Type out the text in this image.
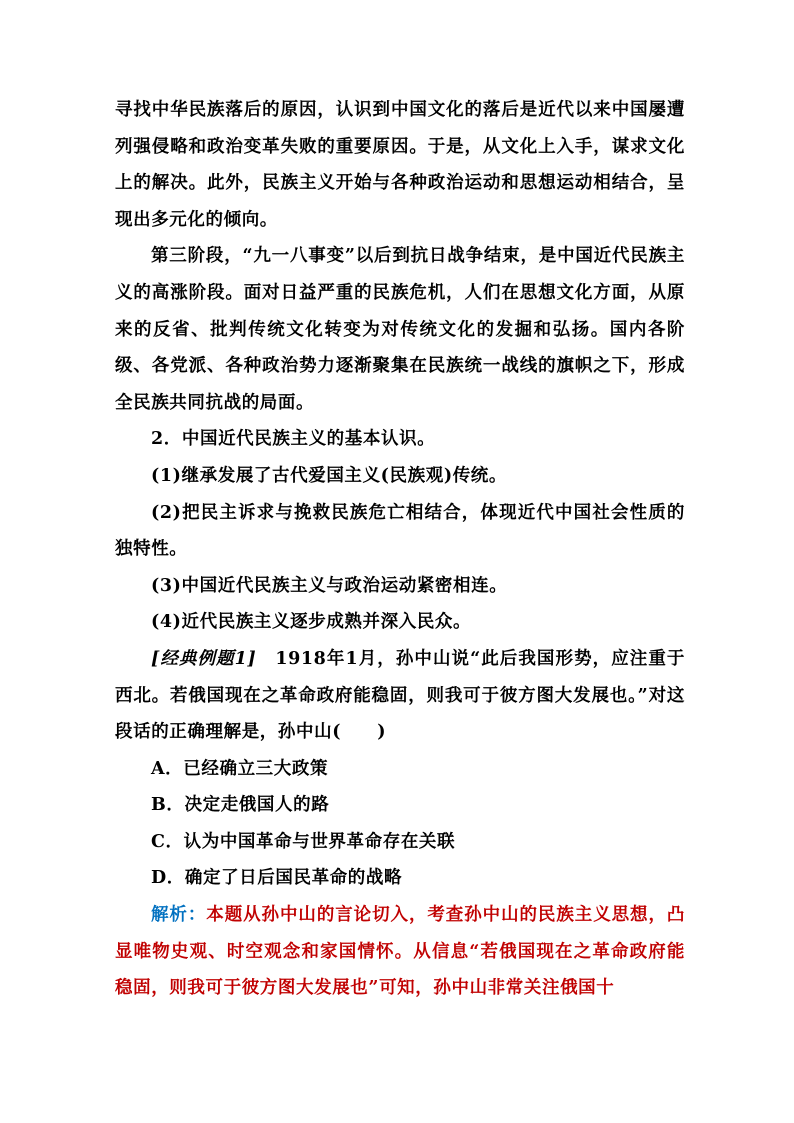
寻找中华民族落后的原因，认识到中国文化的落后是近代以来中国屡遭列强侵略和政治变革失败的重要原因。于是，从文化上入手，谋求文化上的解决。此外，民族主义开始与各种政治运动和思想运动相结合，呈现出多元化的倾向。

第三阶段，“九一八事变”以后到抗日战争结束，是中国近代民族主义的高涨阶段。面对日益严重的民族危机，人们在思想文化方面，从原来的反省、批判传统文化转变为对传统文化的发掘和弘扬。国内各阶级、各党派、各种政治势力逐渐聚集在民族统一战线的旗帜之下，形成全民族共同抗战的局面。

2．中国近代民族主义的基本认识。

(1)继承发展了古代爱国主义(民族观)传统。

(2)把民主诉求与挽救民族危亡相结合，体现近代中国社会性质的独特性。

(3)中国近代民族主义与政治运动紧密相连。

(4)近代民族主义逐步成熟并深入民众。

[经典例题1]　1918年1月，孙中山说“此后我国形势，应注重于西北。若俄国现在之革命政府能稳固，则我可于彼方图大发展也。”对这段话的正确理解是，孙中山(　　)

A．已经确立三大政策

B．决定走俄国人的路

C．认为中国革命与世界革命存在关联

D．确定了日后国民革命的战略

解析：本题从孙中山的言论切入，考查孙中山的民族主义思想，凸显唯物史观、时空观念和家国情怀。从信息“若俄国现在之革命政府能稳固，则我可于彼方图大发展也”可知，孙中山非常关注俄国十
